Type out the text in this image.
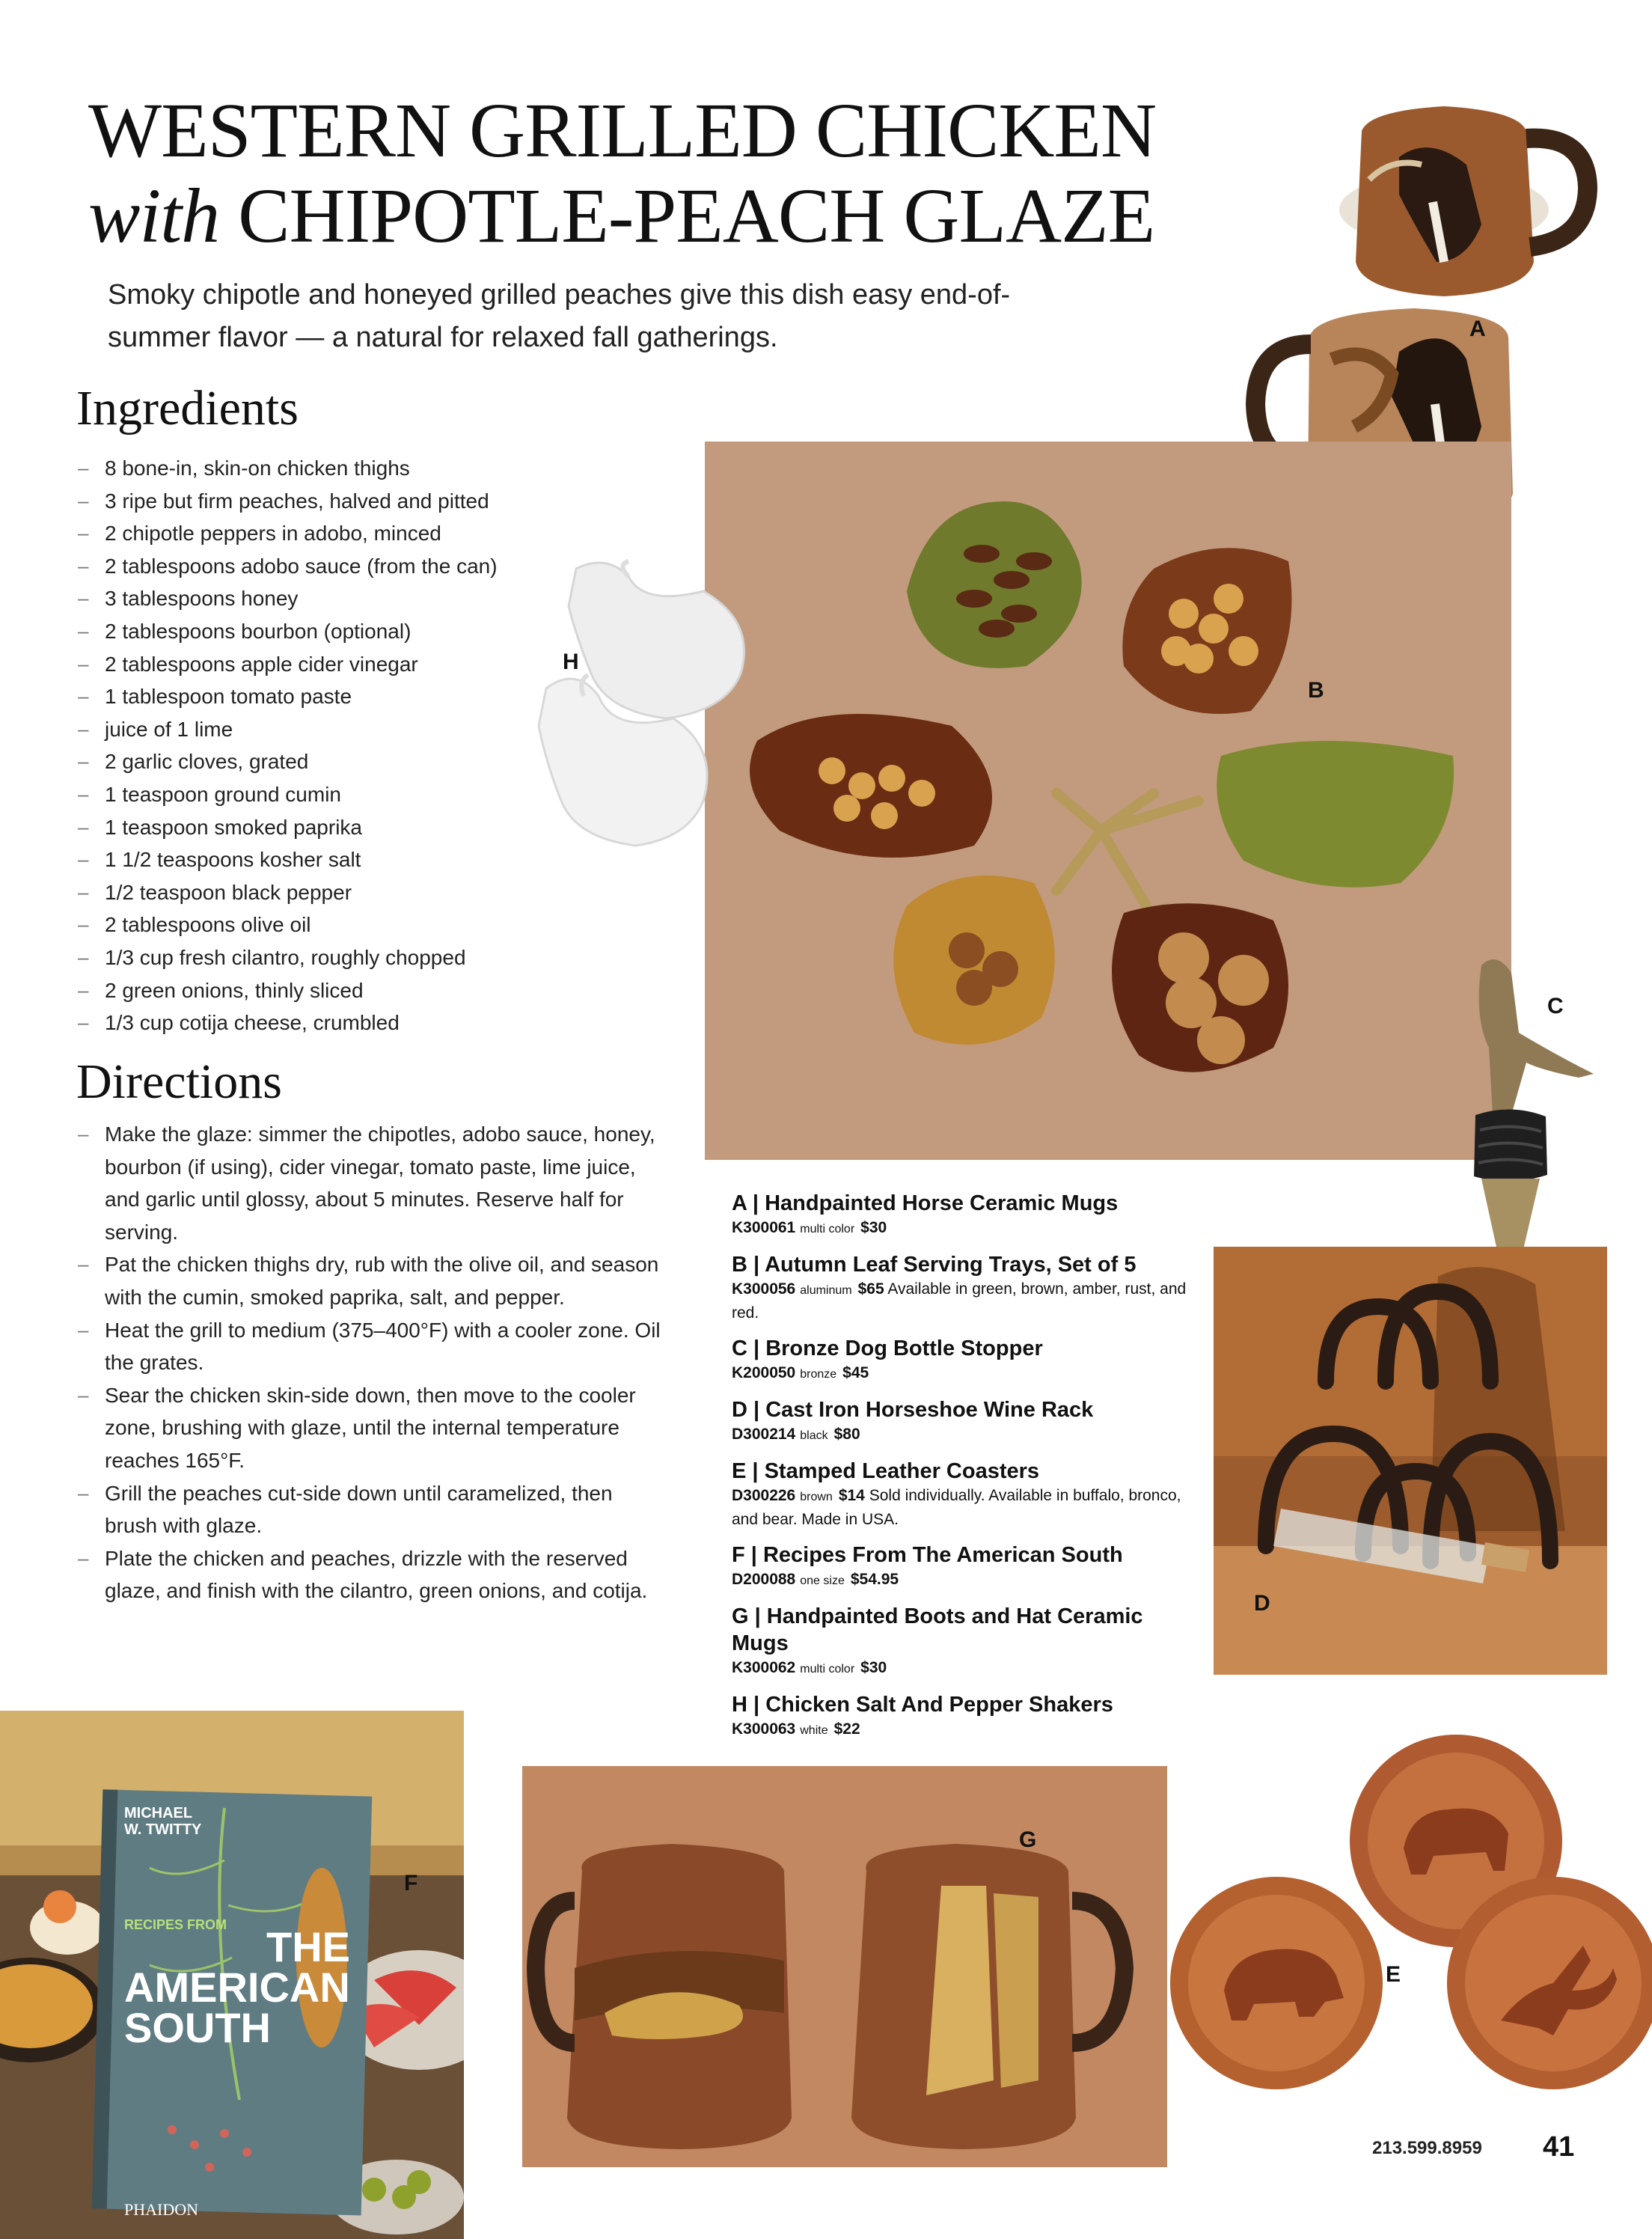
WESTERN GRILLED CHICKEN
with CHIPOTLE-PEACH GLAZE

Smoky chipotle and honeyed grilled peaches give this dish easy end-of-summer flavor — a natural for relaxed fall gatherings.

Ingredients
– 8 bone-in, skin-on chicken thighs
– 3 ripe but firm peaches, halved and pitted
– 2 chipotle peppers in adobo, minced
– 2 tablespoons adobo sauce (from the can)
– 3 tablespoons honey
– 2 tablespoons bourbon (optional)
– 2 tablespoons apple cider vinegar
– 1 tablespoon tomato paste
– juice of 1 lime
– 2 garlic cloves, grated
– 1 teaspoon ground cumin
– 1 teaspoon smoked paprika
– 1 1/2 teaspoons kosher salt
– 1/2 teaspoon black pepper
– 2 tablespoons olive oil
– 1/3 cup fresh cilantro, roughly chopped
– 2 green onions, thinly sliced
– 1/3 cup cotija cheese, crumbled
Directions
– Make the glaze: simmer the chipotles, adobo sauce, honey, bourbon (if using), cider vinegar, tomato paste, lime juice, and garlic until glossy, about 5 minutes. Reserve half for serving.
– Pat the chicken thighs dry, rub with the olive oil, and season with the cumin, smoked paprika, salt, and pepper.
– Heat the grill to medium (375–400°F) with a cooler zone. Oil the grates.
– Sear the chicken skin-side down, then move to the cooler zone, brushing with glaze, until the internal temperature reaches 165°F.
– Grill the peaches cut-side down until caramelized, then brush with glaze.
– Plate the chicken and peaches, drizzle with the reserved glaze, and finish with the cilantro, green onions, and cotija.
A
B
H
C
D
A | Handpainted Horse Ceramic Mugs
K300061 multi color $30
B | Autumn Leaf Serving Trays, Set of 5
K300056 aluminum $65 Available in green, brown, amber, rust, and red.
C | Bronze Dog Bottle Stopper
K200050 bronze $45
D | Cast Iron Horseshoe Wine Rack
D300214 black $80
E | Stamped Leather Coasters
D300226 brown $14 Sold individually. Available in buffalo, bronco, and bear. Made in USA.
F | Recipes From The American South
D200088 one size $54.95
G | Handpainted Boots and Hat Ceramic Mugs
K300062 multi color $30
H | Chicken Salt And Pepper Shakers
K300063 white $22
MICHAEL W. TWITTY
RECIPES FROM THE
AMERICAN
SOUTH
PHAIDON
F
G
E
213.599.8959 41
